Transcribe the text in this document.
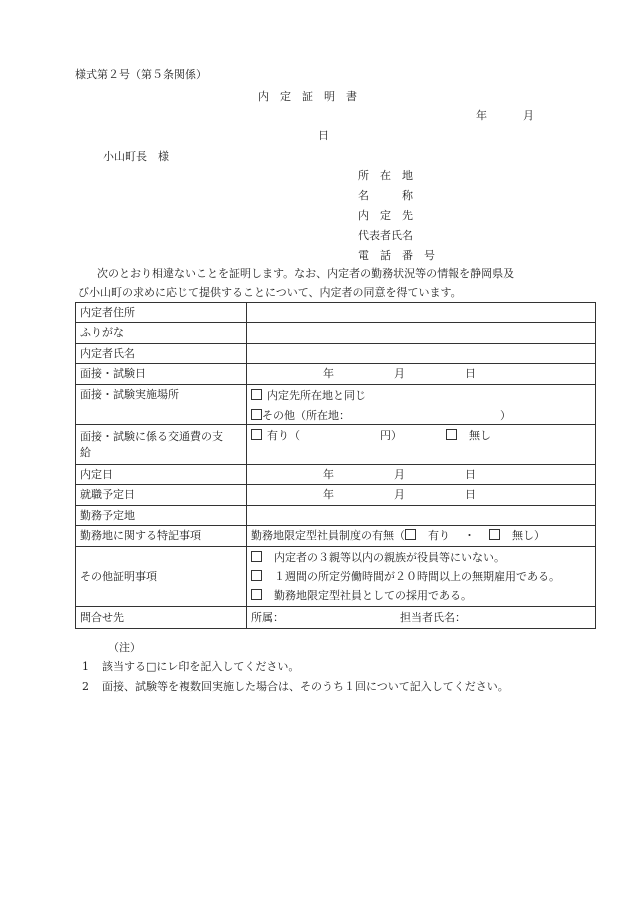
様式第２号（第５条関係）
内　定　証　明　書
年	月
日
小山町長　様
所　在　地
名　　　称
内　定　先
代表者氏名
電　話　番　号
次のとおり相違ないことを証明します。なお、内定者の勤務状況等の情報を静岡県及
び小山町の求めに応じて提供することについて、内定者の同意を得ています。
内定者住所	
ふりがな	
内定者氏名	
面接・試験日	年 月 日
面接・試験実施場所	内定先所在地と同じ
その他（所在地： ）

面接・試験に係る交通費の支
給	有り（ 円） 無し
内定日	年 月 日
就職予定日	年 月 日
勤務予定地	
勤務地に関する特記事項	勤務地限定型社員制度の有無（ 有り ・ 無し）
その他証明事項	内定者の３親等以内の親族が役員等にいない。
１週間の所定労働時間が２０時間以上の無期雇用である。
勤務地限定型社員としての採用である。

問合せ先	所属： 担当者氏名：
（注）
1 該当する□にレ印を記入してください。
2 面接、試験等を複数回実施した場合は、そのうち１回について記入してください。
